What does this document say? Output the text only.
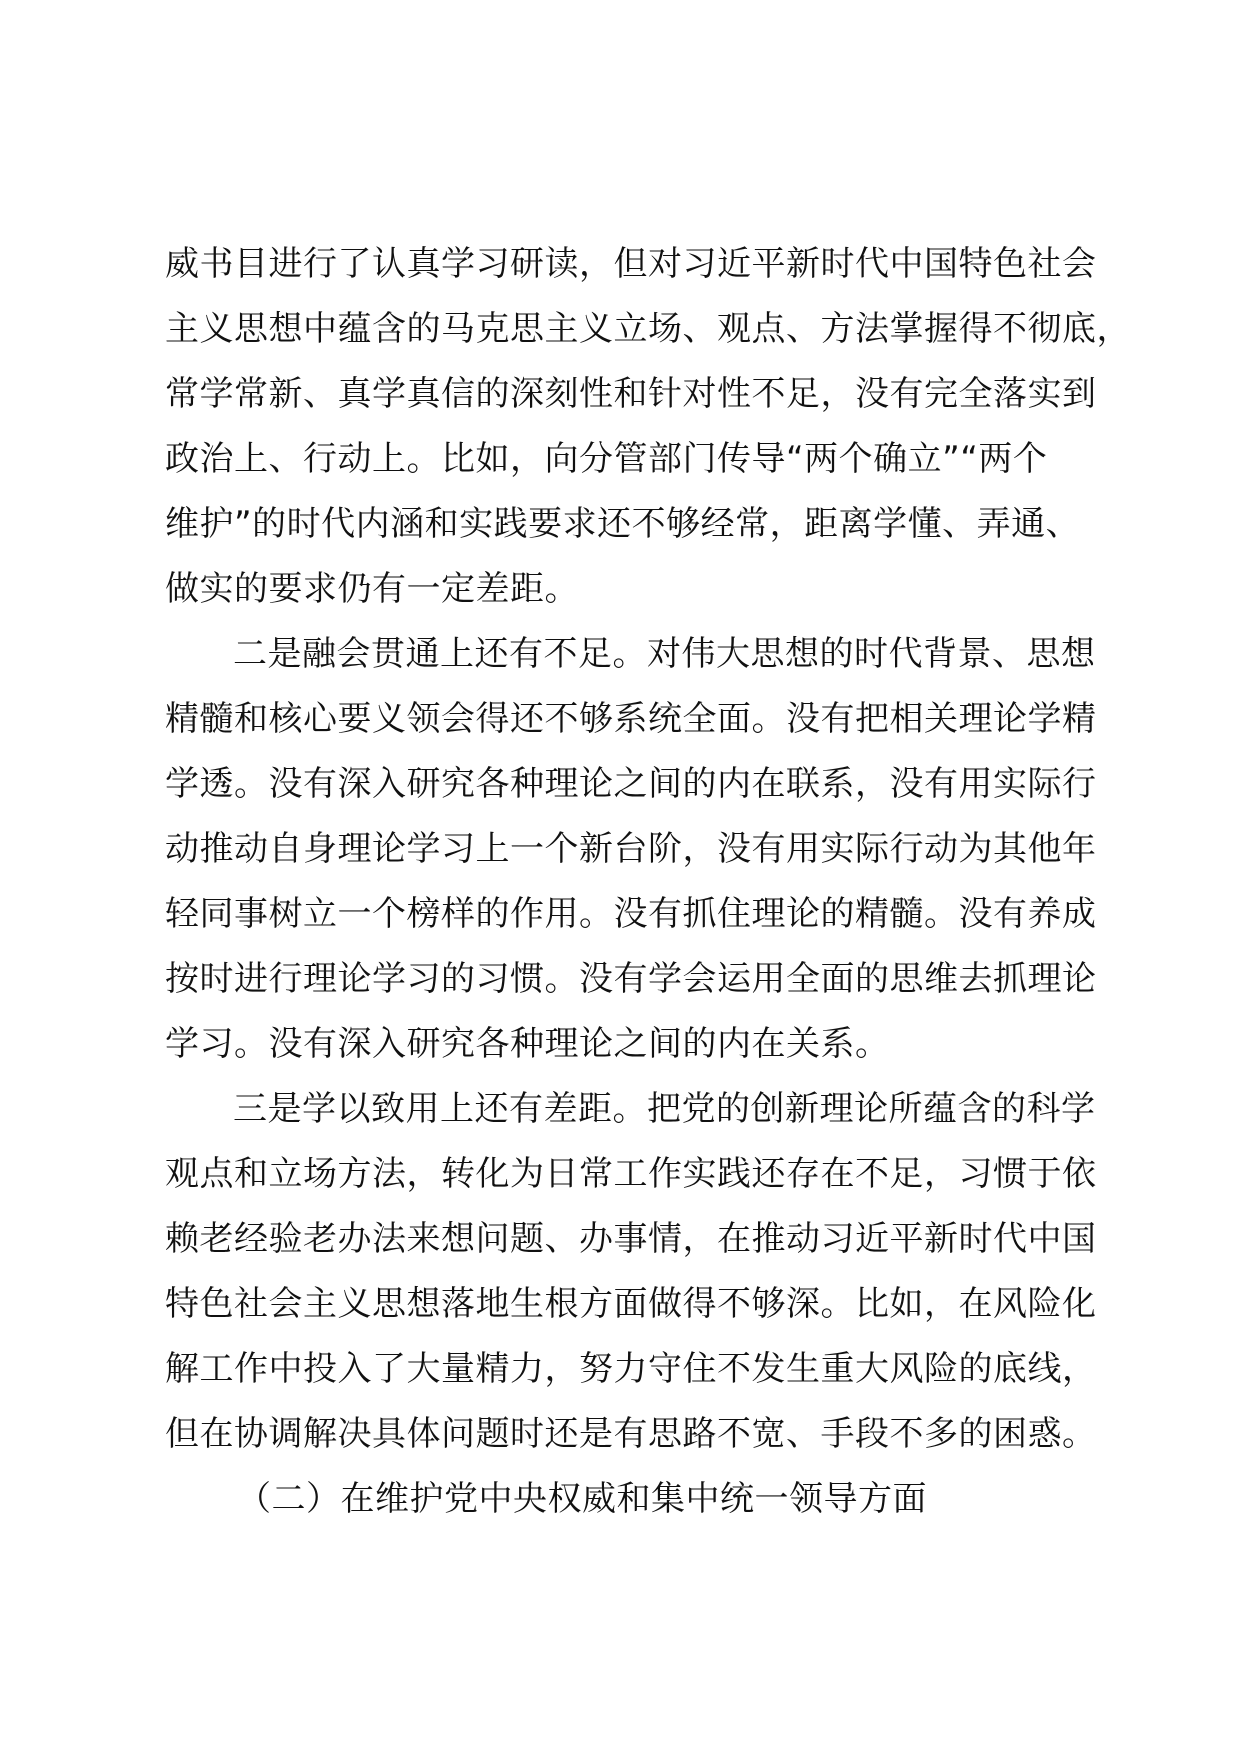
威书目进行了认真学习研读，但对习近平新时代中国特色社会
主义思想中蕴含的马克思主义立场、观点、方法掌握得不彻底，
常学常新、真学真信的深刻性和针对性不足，没有完全落实到
政治上、行动上。比如，向分管部门传导“两个确立”“两个
维护”的时代内涵和实践要求还不够经常，距离学懂、弄通、
做实的要求仍有一定差距。
二是融会贯通上还有不足。对伟大思想的时代背景、思想
精髓和核心要义领会得还不够系统全面。没有把相关理论学精
学透。没有深入研究各种理论之间的内在联系，没有用实际行
动推动自身理论学习上一个新台阶，没有用实际行动为其他年
轻同事树立一个榜样的作用。没有抓住理论的精髓。没有养成
按时进行理论学习的习惯。没有学会运用全面的思维去抓理论
学习。没有深入研究各种理论之间的内在关系。
三是学以致用上还有差距。把党的创新理论所蕴含的科学
观点和立场方法，转化为日常工作实践还存在不足，习惯于依
赖老经验老办法来想问题、办事情，在推动习近平新时代中国
特色社会主义思想落地生根方面做得不够深。比如，在风险化
解工作中投入了大量精力，努力守住不发生重大风险的底线，
但在协调解决具体问题时还是有思路不宽、手段不多的困惑。
（二）在维护党中央权威和集中统一领导方面
